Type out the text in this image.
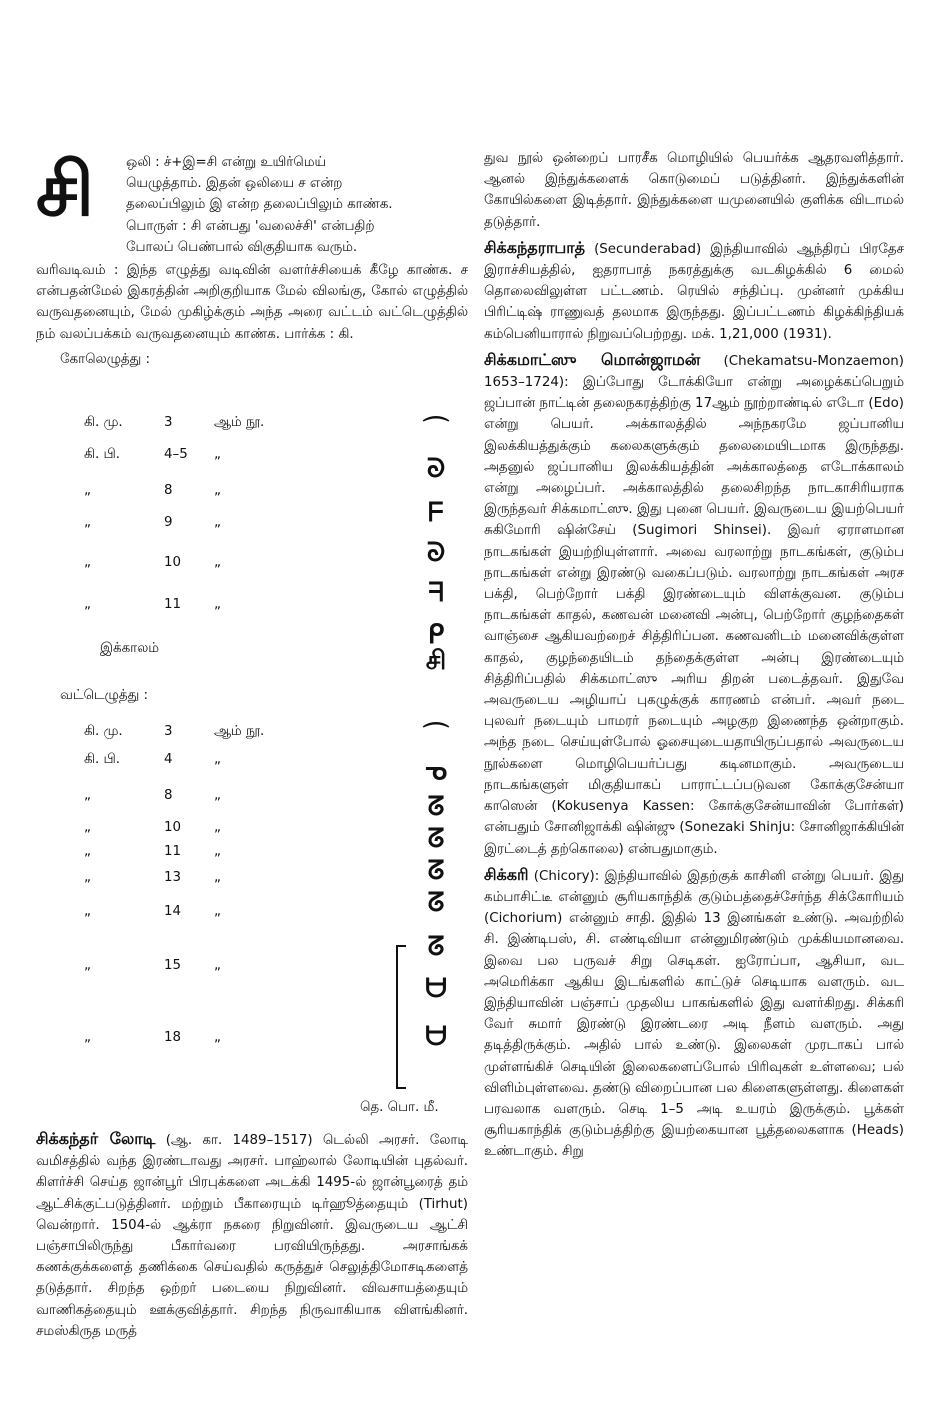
சி	ஒலி : ச்+இ=சி என்று உயிர்மெய்

யெழுத்தாம். இதன் ஒலியை ச என்ற

தலைப்பிலும் இ என்ற தலைப்பிலும் காண்க.

பொருள் : சி என்பது 'வலைச்சி' என்பதிற்

போலப் பெண்பால் விகுதியாக வரும்.

வரிவடிவம் : இந்த எழுத்து வடிவின் வளர்ச்சியைக் கீழே காண்க. ச என்பதன்மேல் இகரத்தின் அறிகுறியாக மேல் விலங்கு, கோல் எழுத்தில் வருவதனையும், மேல் முகிழ்க்கும் அந்த அரை வட்டம் வட்டெழுத்தில் நம் வலப்பக்கம் வருவதனையும் காண்க. பார்க்க : கி.

கோலெழுத்து :

கி. மு.	3	ஆம் நூ.
கி. பி.	4–5 „
„	8	„
„	9	„
„	10 „
„	11 „
இக்காலம்
⌒
ᘐ
ᖴ
ᘐ
ᖷ
ᑭ
சி
வட்டெழுத்து :
கி. மு.	3	ஆம் நூ.
கி. பி.	4	„
„	8	„
„	10 „
„	11 „
„	13 „
„	14 „
„	15 „
„	18 „
⌒
ᓀ
ᘔ
ᘔ
ᘔ
ᘔ
ᘔ
ᗨ
ᗨ
தெ. பொ. மீ.

சிக்கந்தர் லோடி (ஆ. கா. 1489–1517) டெல்லி அரசர். லோடி வமிசத்தில் வந்த இரண்டாவது அரசர். பாஹ்லால் லோடியின் புதல்வர். கிளர்ச்சி செய்த ஜான்பூர் பிரபுக்களை அடக்கி 1495-ல் ஜான்பூரைத் தம் ஆட்சிக்குட்படுத்தினர். மற்றும் பீகாரையும் டிர்ஹூத்தையும் (Tirhut) வென்றார். 1504-ல் ஆக்ரா நகரை நிறுவினர். இவருடைய ஆட்சி பஞ்சாபிலிருந்து பீகார்வரை பரவியிருந்தது. அரசாங்கக் கணக்குக்களைத் தணிக்கை செய்வதில் கருத்துச் செலுத்திமோசடிகளைத் தடுத்தார். சிறந்த ஒற்றர் படையை நிறுவினர். விவசாயத்தையும் வாணிகத்தையும் ஊக்குவித்தார். சிறந்த நிருவாகியாக விளங்கினர். சமஸ்கிருத மருத்

துவ நூல் ஒன்றைப் பாரசீக மொழியில் பெயர்க்க ஆதரவளித்தார். ஆனல் இந்துக்களைக் கொடுமைப் படுத்தினர். இந்துக்களின் கோயில்களை இடித்தார். இந்துக்களை யமுனையில் குளிக்க விடாமல் தடுத்தார்.

சிக்கந்தராபாத் (Secunderabad) இந்தியாவில் ஆந்திரப் பிரதேச இராச்சியத்தில், ஐதராபாத் நகரத்துக்கு வடகிழக்கில் 6 மைல் தொலைவிலுள்ள பட்டணம். ரெயில் சந்திப்பு. முன்னர் முக்கிய பிரிட்டிஷ் ராணுவத் தலமாக இருந்தது. இப்பட்டணம் கிழக்கிந்தியக் கம்பெனியாரால் நிறுவப்பெற்றது. மக். 1,21,000 (1931).

சிக்கமாட்ஸு மொன்ஜாமன் (Chekamatsu-Monzaemon) 1653–1724): இப்போது டோக்கியோ என்று அழைக்கப்பெறும் ஜப்பான் நாட்டின் தலைநகரத்திற்கு 17ஆம் நூற்றாண்டில் எடோ (Edo) என்று பெயர். அக்காலத்தில் அந்நகரமே ஜப்பானிய இலக்கியத்துக்கும் கலைகளுக்கும் தலைமையிடமாக இருந்தது. அதனுல் ஜப்பானிய இலக்கியத்தின் அக்காலத்தை எடோக்காலம் என்று அழைப்பர். அக்காலத்தில் தலைசிறந்த நாடகாசிரியராக இருந்தவர் சிக்கமாட்ஸு. இது புனை பெயர். இவருடைய இயற்பெயர் சுகிமோரி ஷின்சேய் (Sugimori Shinsei). இவர் ஏராளமான நாடகங்கள் இயற்றியுள்ளார். அவை வரலாற்று நாடகங்கள், குடும்ப நாடகங்கள் என்று இரண்டு வகைப்படும். வரலாற்று நாடகங்கள் அரச பக்தி, பெற்றோர் பக்தி இரண்டையும் விளக்குவன. குடும்ப நாடகங்கள் காதல், கணவன் மனைவி அன்பு, பெற்றோர் குழந்தைகள் வாஞ்சை ஆகியவற்றைச் சித்திரிப்பன. கணவனிடம் மனைவிக்குள்ள காதல், குழந்தையிடம் தந்தைக்குள்ள அன்பு இரண்டையும் சித்திரிப்பதில் சிக்கமாட்ஸு அரிய திறன் படைத்தவர். இதுவே அவருடைய அழியாப் புகழுக்குக் காரணம் என்பர். அவர் நடை புலவர் நடையும் பாமரர் நடையும் அழகுற இணைந்த ஒன்றாகும். அந்த நடை செய்யுள்போல் ஓசையுடையதாயிருப்பதால் அவருடைய நூல்களை மொழிபெயர்ப்பது கடினமாகும். அவருடைய நாடகங்களுள் மிகுதியாகப் பாராட்டப்படுவன கோக்குசேன்யா காஸென் (Kokusenya Kassen: கோக்குசேன்யாவின் போர்கள்) என்பதும் சோனிஜாக்கி ஷின்ஜு (Sonezaki Shinju: சோனிஜாக்கியின் இரட்டைத் தற்கொலை) என்பதுமாகும்.

சிக்கரி (Chicory): இந்தியாவில் இதற்குக் காசினி என்று பெயர். இது கம்பாசிட்டீ என்னும் சூரியகாந்திக் குடும்பத்தைச்சேர்ந்த சிக்கோரியம் (Cichorium) என்னும் சாதி. இதில் 13 இனங்கள் உண்டு. அவற்றில் சி. இண்டிபஸ், சி. எண்டிவியா என்னுமிரண்டும் முக்கியமானவை. இவை பல பருவச் சிறு செடிகள். ஐரோப்பா, ஆசியா, வட அமெரிக்கா ஆகிய இடங்களில் காட்டுச் செடியாக வளரும். வட இந்தியாவின் பஞ்சாப் முதலிய பாகங்களில் இது வளர்கிறது. சிக்கரி வேர் சுமார் இரண்டு இரண்டரை அடி நீளம் வளரும். அது தடித்திருக்கும். அதில் பால் உண்டு. இலைகள் முரடாகப் பால் முள்ளங்கிச் செடியின் இலைகளைப்போல் பிரிவுகள் உள்ளவை; பல் விளிம்புள்ளவை. தண்டு விறைப்பான பல கிளைகளுள்ளது. கிளைகள் பரவலாக வளரும். செடி 1–5 அடி உயரம் இருக்கும். பூக்கள் சூரியகாந்திக் குடும்பத்திற்கு இயற்கையான பூத்தலைகளாக (Heads) உண்டாகும். சிறு
